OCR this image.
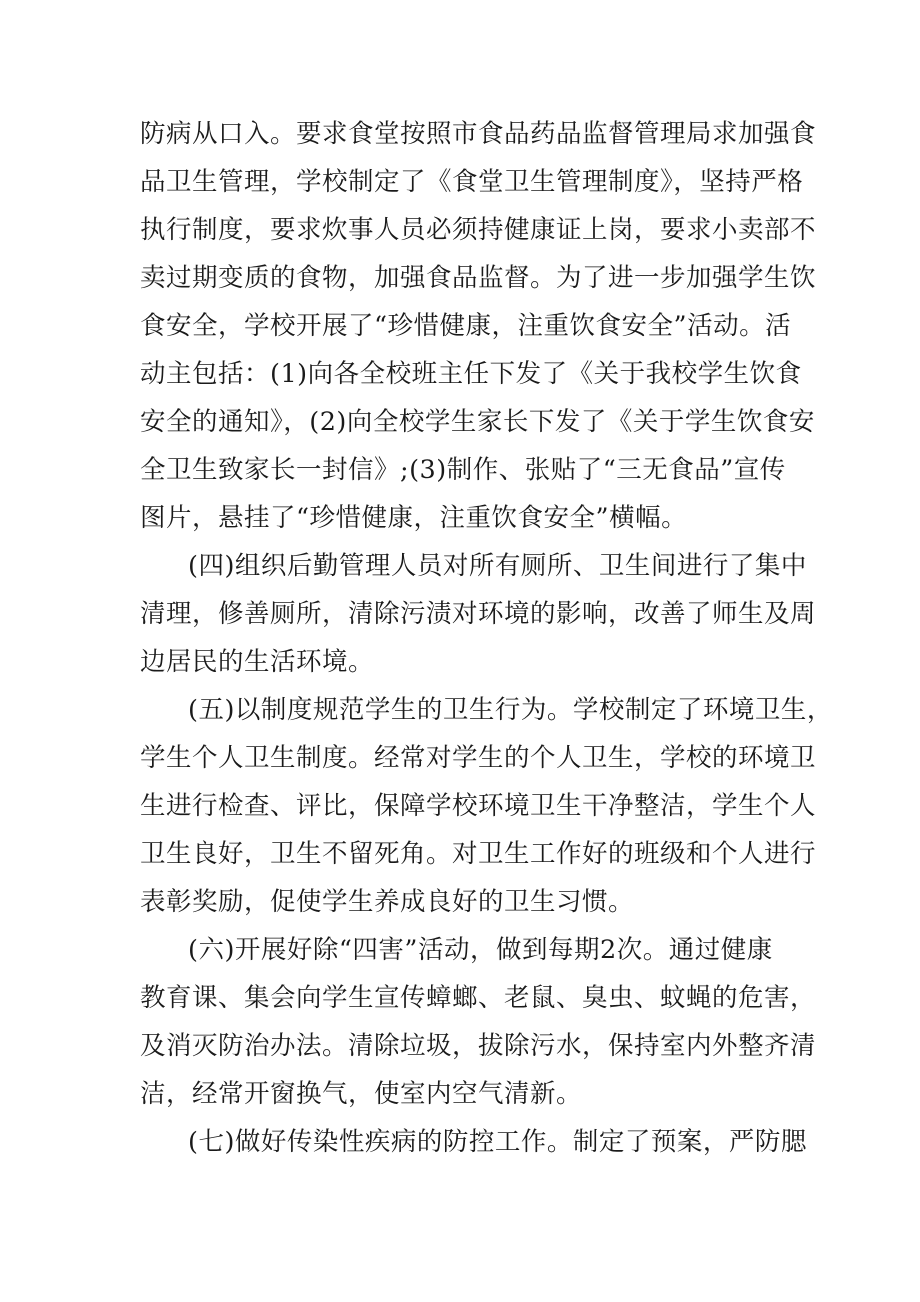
防病从口入。要求食堂按照市食品药品监督管理局求加强食
品卫生管理，学校制定了《食堂卫生管理制度》，坚持严格
执行制度，要求炊事人员必须持健康证上岗，要求小卖部不
卖过期变质的食物，加强食品监督。为了进一步加强学生饮
食安全，学校开展了“珍惜健康，注重饮食安全”活动。活
动主包括：(1)向各全校班主任下发了《关于我校学生饮食
安全的通知》，(2)向全校学生家长下发了《关于学生饮食安
全卫生致家长一封信》;(3)制作、张贴了“三无食品”宣传
图片，悬挂了“珍惜健康，注重饮食安全”横幅。
(四)组织后勤管理人员对所有厕所、卫生间进行了集中
清理，修善厕所，清除污渍对环境的影响，改善了师生及周
边居民的生活环境。
(五)以制度规范学生的卫生行为。学校制定了环境卫生，
学生个人卫生制度。经常对学生的个人卫生，学校的环境卫
生进行检查、评比，保障学校环境卫生干净整洁，学生个人
卫生良好，卫生不留死角。对卫生工作好的班级和个人进行
表彰奖励，促使学生养成良好的卫生习惯。
(六)开展好除“四害”活动，做到每期2次。通过健康
教育课、集会向学生宣传蟑螂、老鼠、臭虫、蚊蝇的危害，
及消灭防治办法。清除垃圾，拔除污水，保持室内外整齐清
洁，经常开窗换气，使室内空气清新。
(七)做好传染性疾病的防控工作。制定了预案，严防腮
